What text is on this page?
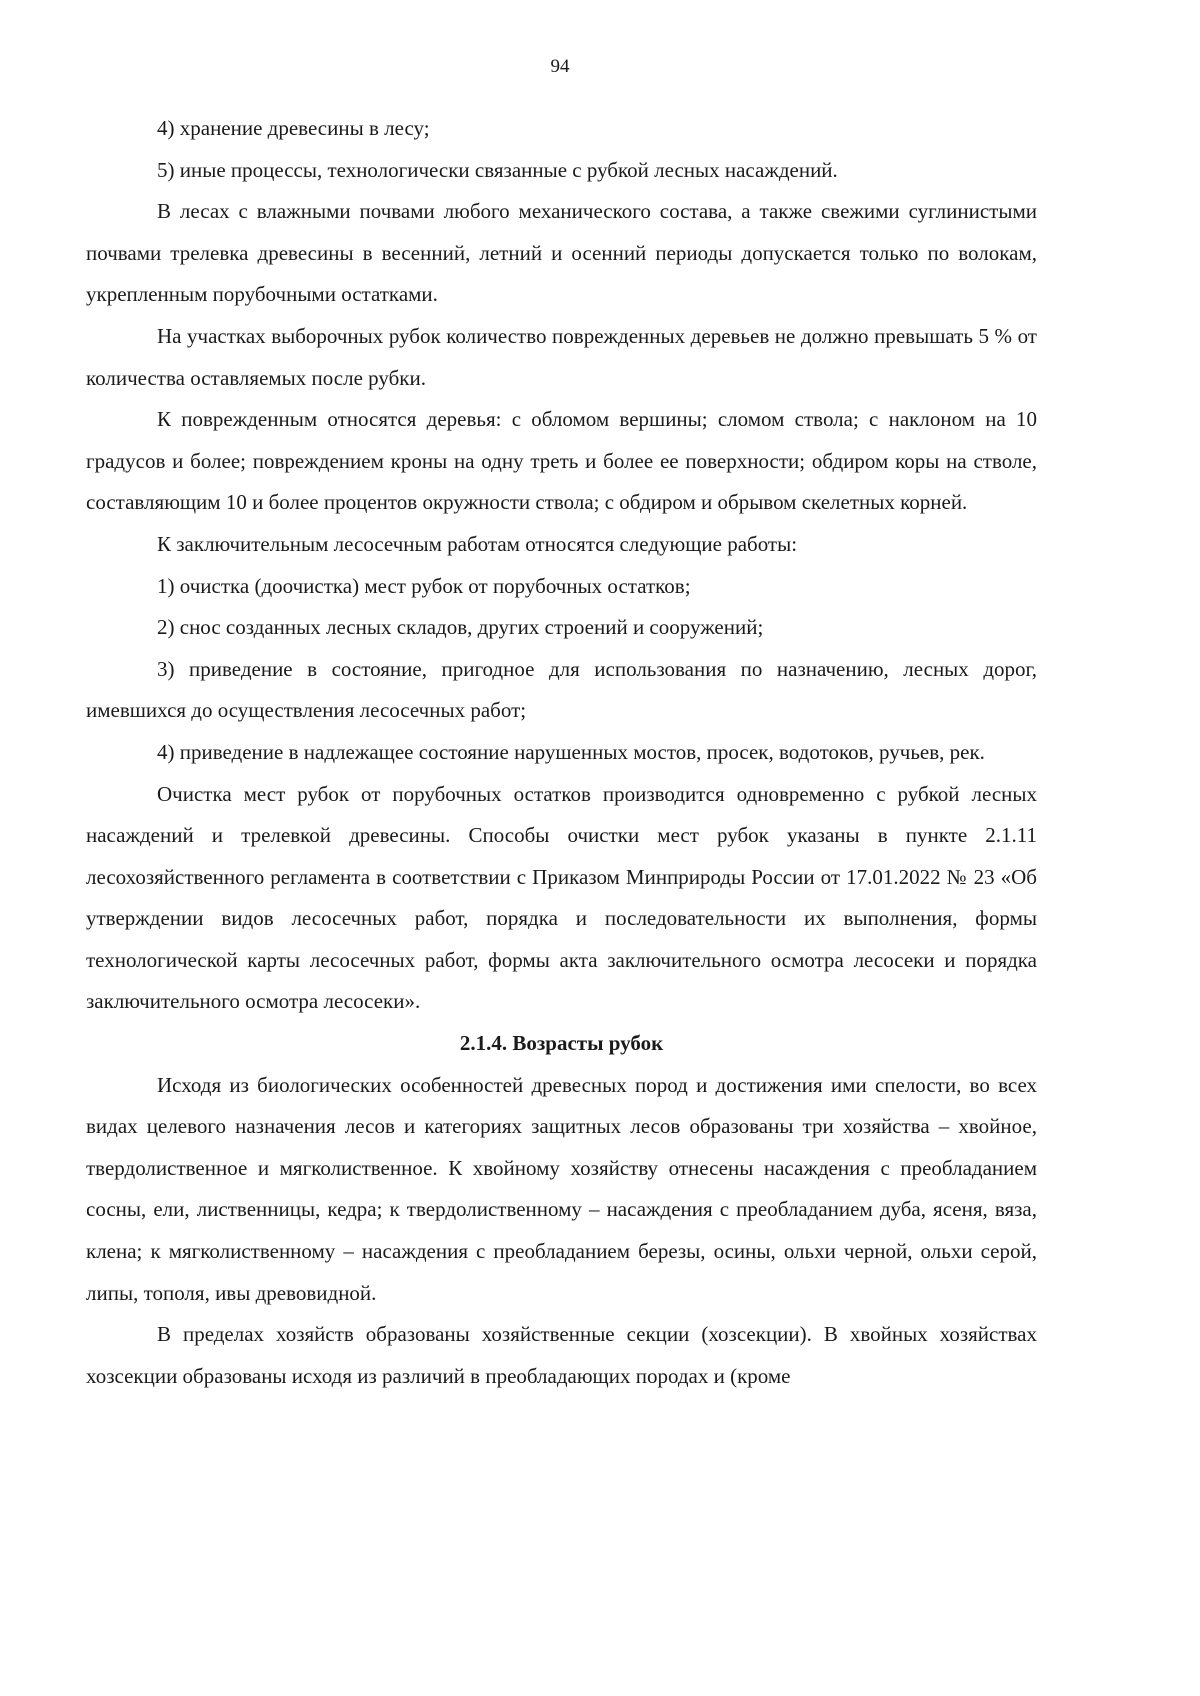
94

4) хранение древесины в лесу;

5) иные процессы, технологически связанные с рубкой лесных насаждений.

В лесах с влажными почвами любого механического состава, а также свежими суглинистыми почвами трелевка древесины в весенний, летний и осенний периоды допускается только по волокам, укрепленным порубочными остатками.

На участках выборочных рубок количество поврежденных деревьев не должно превышать 5 % от количества оставляемых после рубки.

К поврежденным относятся деревья: с обломом вершины; сломом ствола; с наклоном на 10 градусов и более; повреждением кроны на одну треть и более ее поверхности; обдиром коры на стволе, составляющим 10 и более процентов окружности ствола; с обдиром и обрывом скелетных корней.

К заключительным лесосечным работам относятся следующие работы:

1) очистка (доочистка) мест рубок от порубочных остатков;

2) снос созданных лесных складов, других строений и сооружений;

3) приведение в состояние, пригодное для использования по назначению, лесных дорог, имевшихся до осуществления лесосечных работ;

4) приведение в надлежащее состояние нарушенных мостов, просек, водотоков, ручьев, рек.

Очистка мест рубок от порубочных остатков производится одновременно с рубкой лесных насаждений и трелевкой древесины. Способы очистки мест рубок указаны в пункте 2.1.11 лесохозяйственного регламента в соответствии с Приказом Минприроды России от 17.01.2022 № 23 «Об утверждении видов лесосечных работ, порядка и последовательности их выполнения, формы технологической карты лесосечных работ, формы акта заключительного осмотра лесосеки и порядка заключительного осмотра лесосеки».

2.1.4. Возрасты рубок

Исходя из биологических особенностей древесных пород и достижения ими спелости, во всех видах целевого назначения лесов и категориях защитных лесов образованы три хозяйства – хвойное, твердолиственное и мягколиственное. К хвойному хозяйству отнесены насаждения с преобладанием сосны, ели, лиственницы, кедра; к твердолиственному – насаждения с преобладанием дуба, ясеня, вяза, клена; к мягколиственному – насаждения с преобладанием березы, осины, ольхи черной, ольхи серой, липы, тополя, ивы древовидной.

В пределах хозяйств образованы хозяйственные секции (хозсекции). В хвойных хозяйствах хозсекции образованы исходя из различий в преобладающих породах и (кроме
